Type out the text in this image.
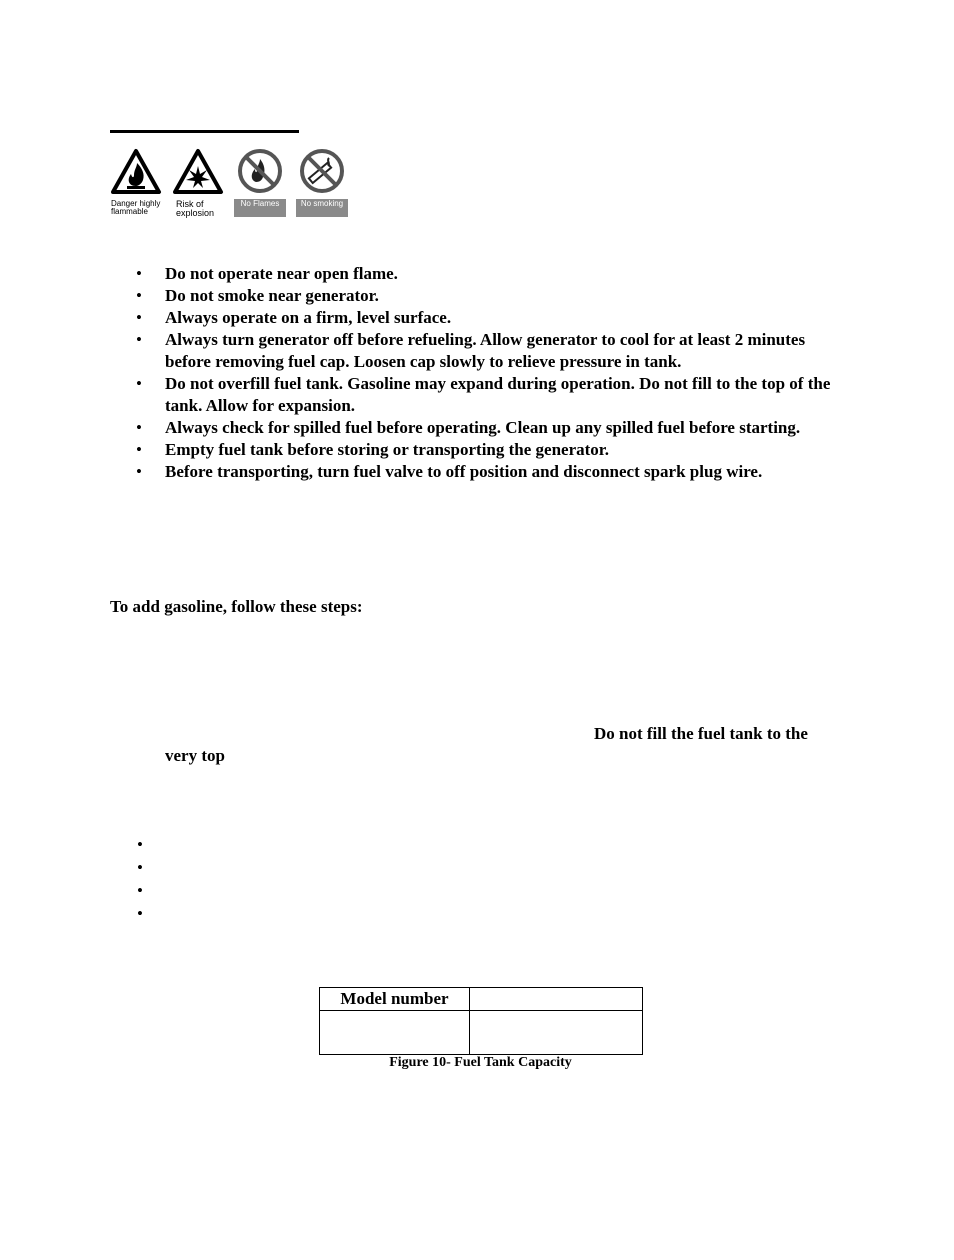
Danger highly flammable
Risk of explosion
No Flames	No smoking
• Do not operate near open flame.
• Do not smoke near generator.
• Always operate on a firm, level surface.
• Always turn generator off before refueling. Allow generator to cool for at least 2 minutes before removing fuel cap. Loosen cap slowly to relieve pressure in tank.
• Do not overfill fuel tank. Gasoline may expand during operation. Do not fill to the top of the tank. Allow for expansion.
• Always check for spilled fuel before operating. Clean up any spilled fuel before starting.
• Empty fuel tank before storing or transporting the generator.
• Before transporting, turn fuel valve to off position and disconnect spark plug wire.
To add gasoline, follow these steps:
Do not fill the fuel tank to the
very top
•
•
•
•
Model number	

Figure 10- Fuel Tank Capacity
